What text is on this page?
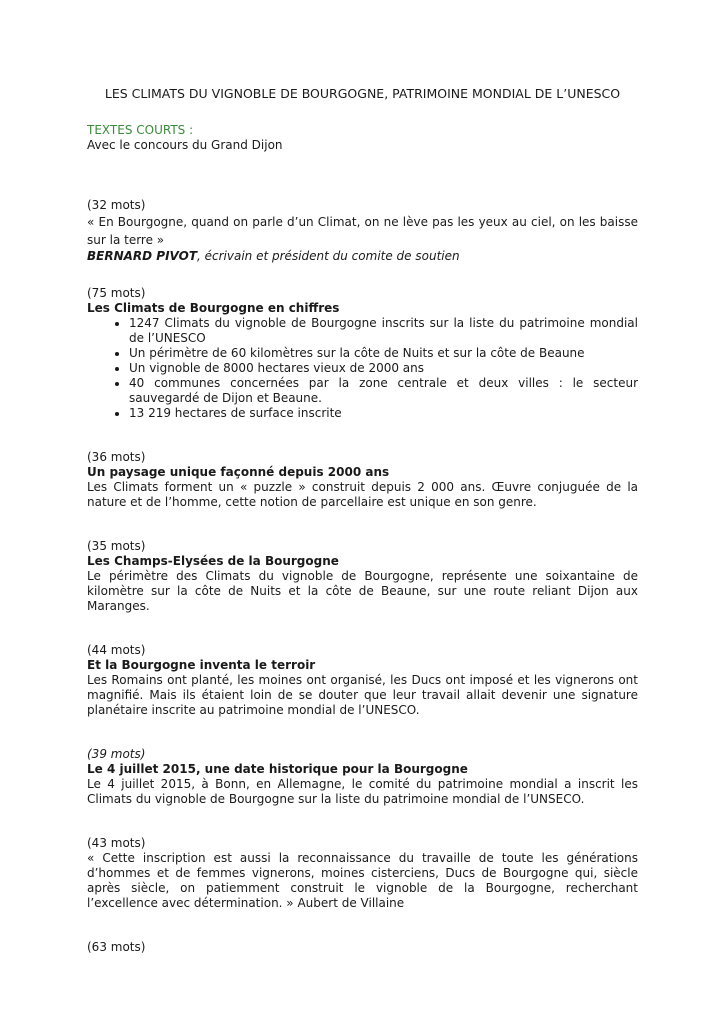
LES CLIMATS DU VIGNOBLE DE BOURGOGNE, PATRIMOINE MONDIAL DE L’UNESCO

TEXTES COURTS :

Avec le concours du Grand Dijon

(32 mots)

« En Bourgogne, quand on parle d’un Climat, on ne lève pas les yeux au ciel, on les baisse sur la terre »

BERNARD PIVOT, écrivain et président du comite de soutien

(75 mots)

Les Climats de Bourgogne en chiffres

• 1247 Climats du vignoble de Bourgogne inscrits sur la liste du patrimoine mondial de l’UNESCO
• Un périmètre de 60 kilomètres sur la côte de Nuits et sur la côte de Beaune
• Un vignoble de 8000 hectares vieux de 2000 ans
• 40 communes concernées par la zone centrale et deux villes : le secteur sauvegardé de Dijon et Beaune.
• 13 219 hectares de surface inscrite

(36 mots)

Un paysage unique façonné depuis 2000 ans

Les Climats forment un « puzzle » construit depuis 2 000 ans. Œuvre conjuguée de la nature et de l’homme, cette notion de parcellaire est unique en son genre.

(35 mots)

Les Champs-Elysées de la Bourgogne

Le périmètre des Climats du vignoble de Bourgogne, représente une soixantaine de kilomètre sur la côte de Nuits et la côte de Beaune, sur une route reliant Dijon aux Maranges.

(44 mots)

Et la Bourgogne inventa le terroir

Les Romains ont planté, les moines ont organisé, les Ducs ont imposé et les vignerons ont magnifié. Mais ils étaient loin de se douter que leur travail allait devenir une signature planétaire inscrite au patrimoine mondial de l’UNESCO.

(39 mots)

Le 4 juillet 2015, une date historique pour la Bourgogne

Le 4 juillet 2015, à Bonn, en Allemagne, le comité du patrimoine mondial a inscrit les Climats du vignoble de Bourgogne sur la liste du patrimoine mondial de l’UNSECO.

(43 mots)

« Cette inscription est aussi la reconnaissance du travaille de toute les générations d’hommes et de femmes vignerons, moines cisterciens, Ducs de Bourgogne qui, siècle après siècle, on patiemment construit le vignoble de la Bourgogne, recherchant l’excellence avec détermination. » Aubert de Villaine

(63 mots)
